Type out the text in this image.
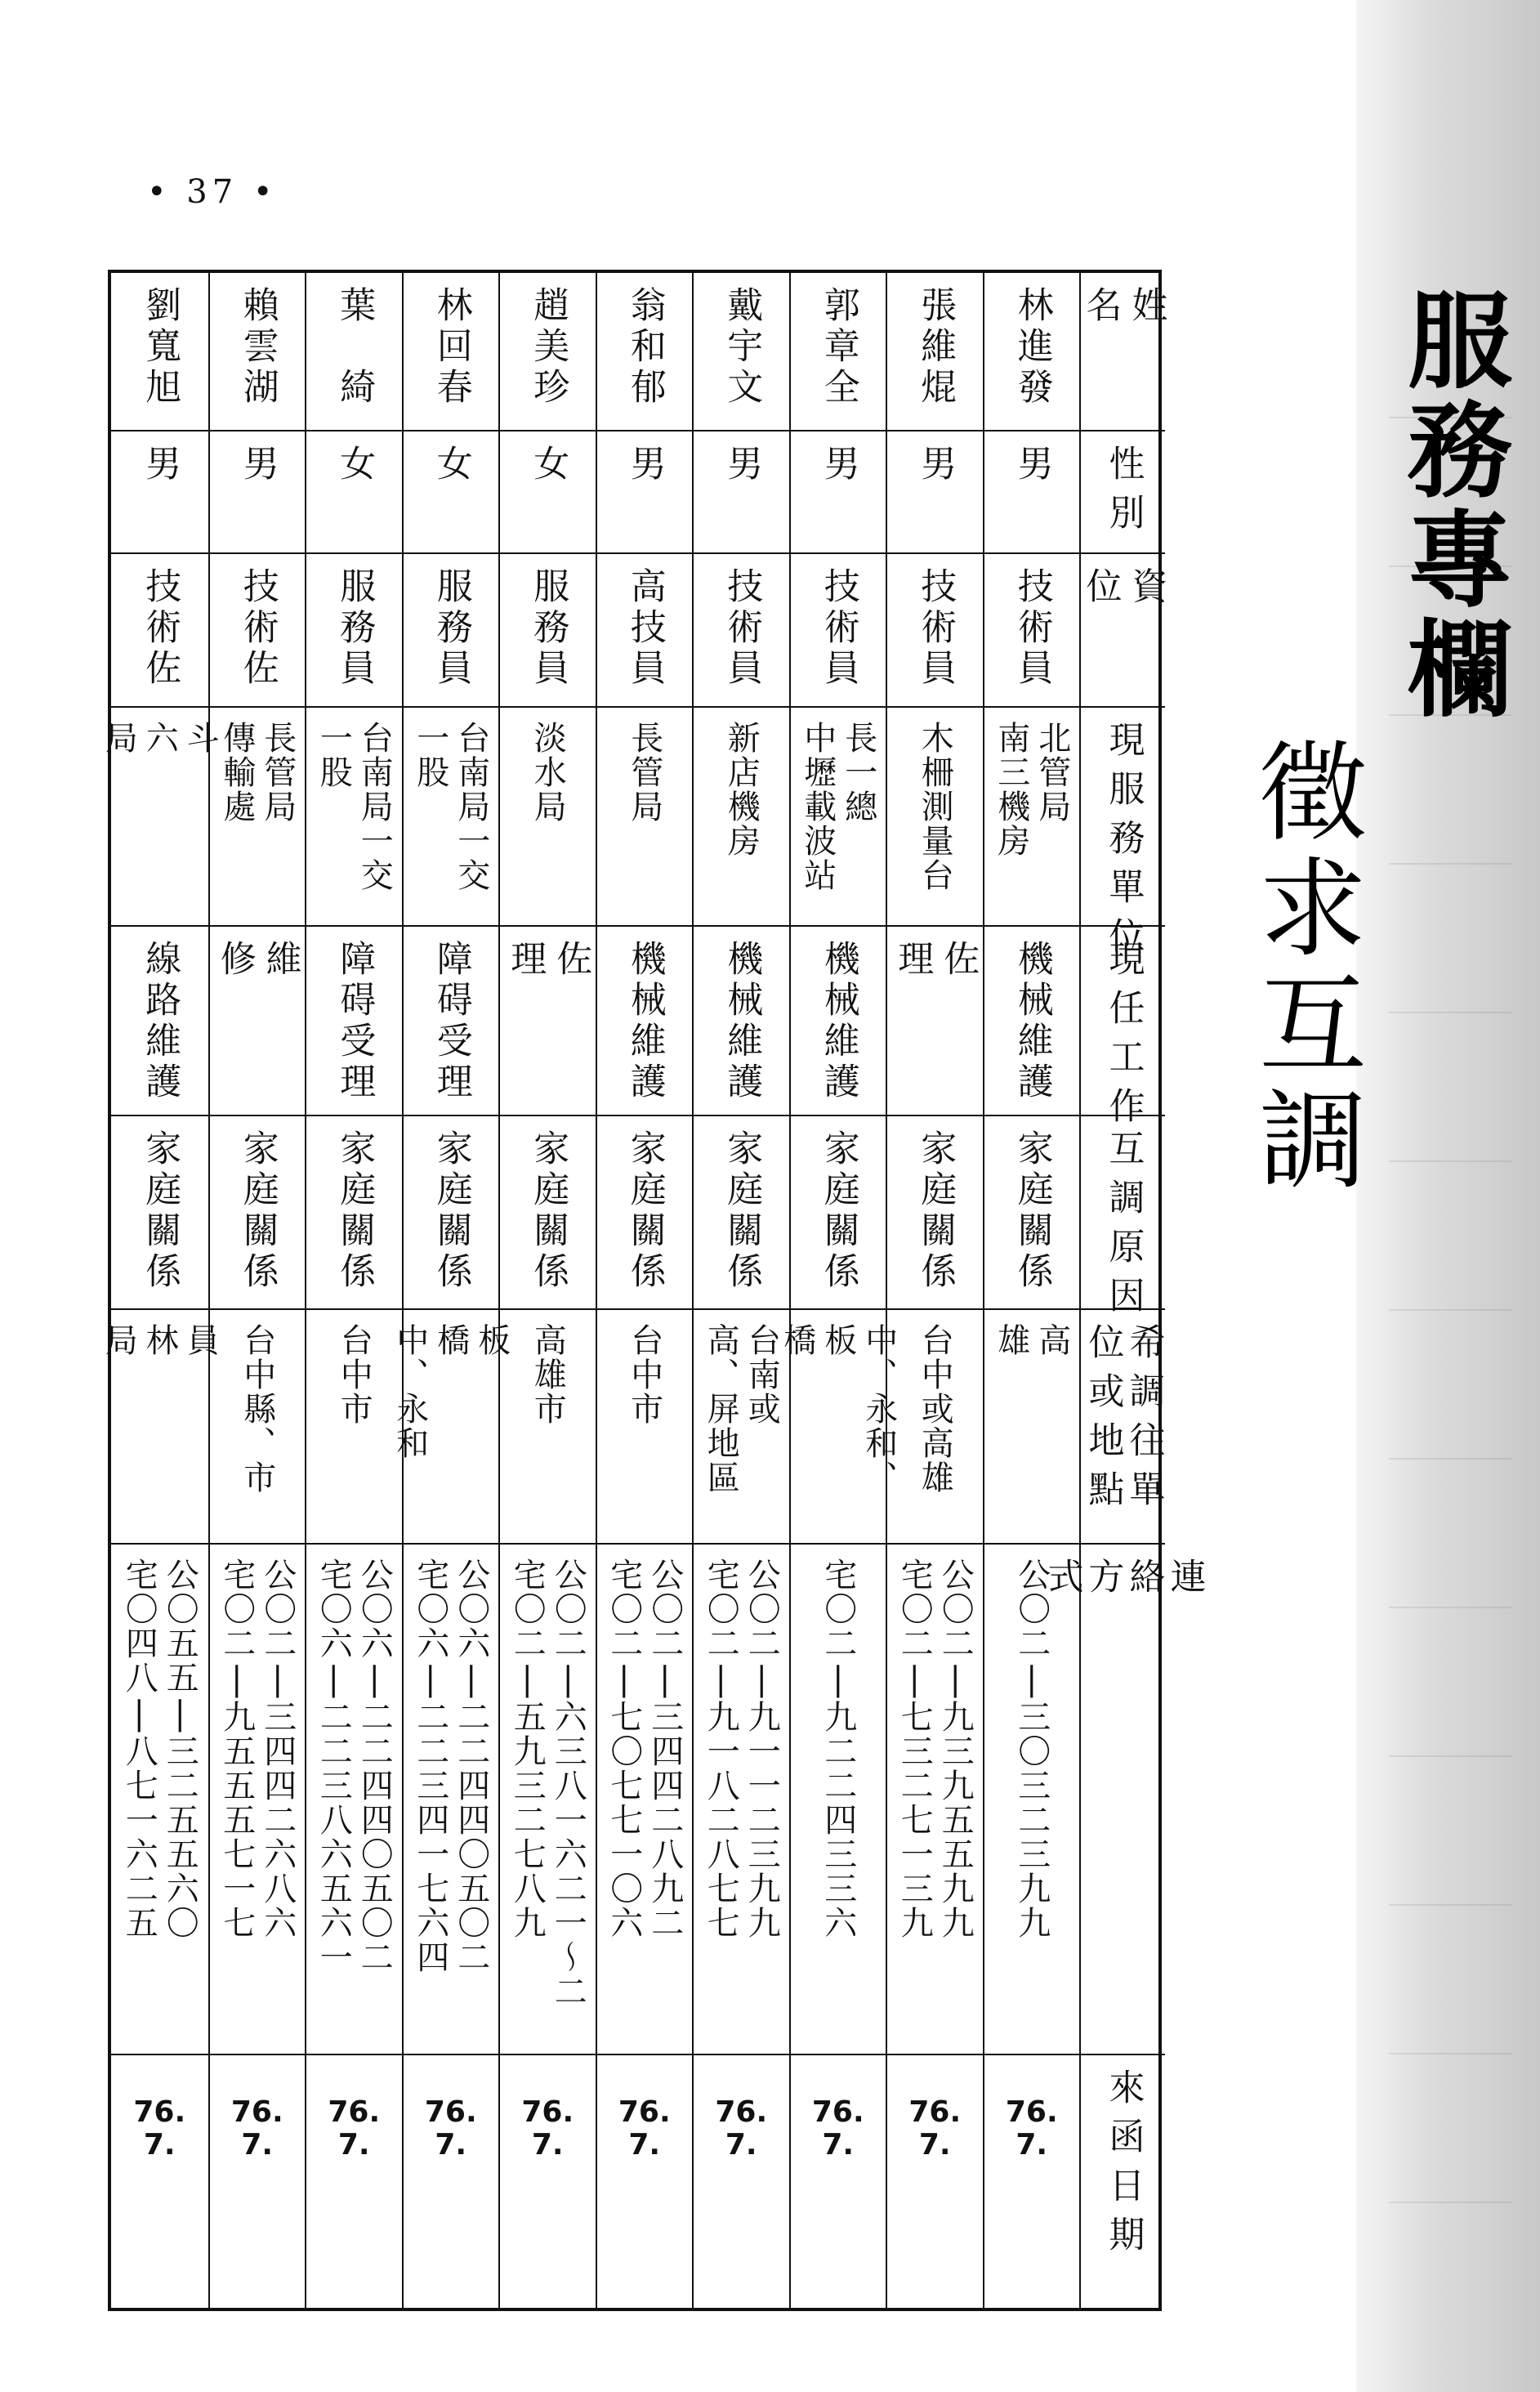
• 37 •
劉寬旭
男
技術佐
斗
六
局
線路維護
家庭關係
員
林
局
公〇五五|三二五五六〇
宅〇四八|八七一六二五
76.
7.
賴雲湖
男
技術佐
長管局
傳輸處
維
修
家庭關係
台中縣、市
公〇二|三四四二六八六
宅〇二|九五五五七一七
76.
7.
葉　綺
女
服務員
台南局一交
一股
障碍受理
家庭關係
台中市
公〇六|二二四四〇五〇二
宅〇六|二二三八六五六一
76.
7.
林回春
女
服務員
台南局一交
一股
障碍受理
家庭關係
板
橋
中、永和
公〇六|二二四四〇五〇二
宅〇六|二二三四一七六四
76.
7.
趙美珍
女
服務員
淡水局
佐
理
家庭關係
高雄市
公〇二|六三八一六二一〜二
宅〇二|五九三二七八九
76.
7.
翁和郁
男
高技員
長管局
機械維護
家庭關係
台中市
公〇二|三四四二八九二
宅〇二|七〇七七一〇六
76.
7.
戴宇文
男
技術員
新店機房
機械維護
家庭關係
台南或
高、屏地區
公〇二|九一一二三九九
宅〇二|九一八二八七七
76.
7.
郭章全
男
技術員
長一總
中壢載波站
機械維護
家庭關係
中、永和、
板
橋
宅〇二|九二二四三三六
76.
7.
張維焜
男
技術員
木柵測量台
佐
理
家庭關係
台中或高雄
公〇二|九三九五五九九
宅〇二|七三二七一三九
76.
7.
林進發
男
技術員
北管局
南三機房
機械維護
家庭關係
高
雄
公〇二|三〇三二三九九
76.
7.
姓
名
性別
資
位
現服務單位
現任工作
互調原因
希調往單
位或地點
連
絡
方
式
來函日期
服務專欄
徵求互調
